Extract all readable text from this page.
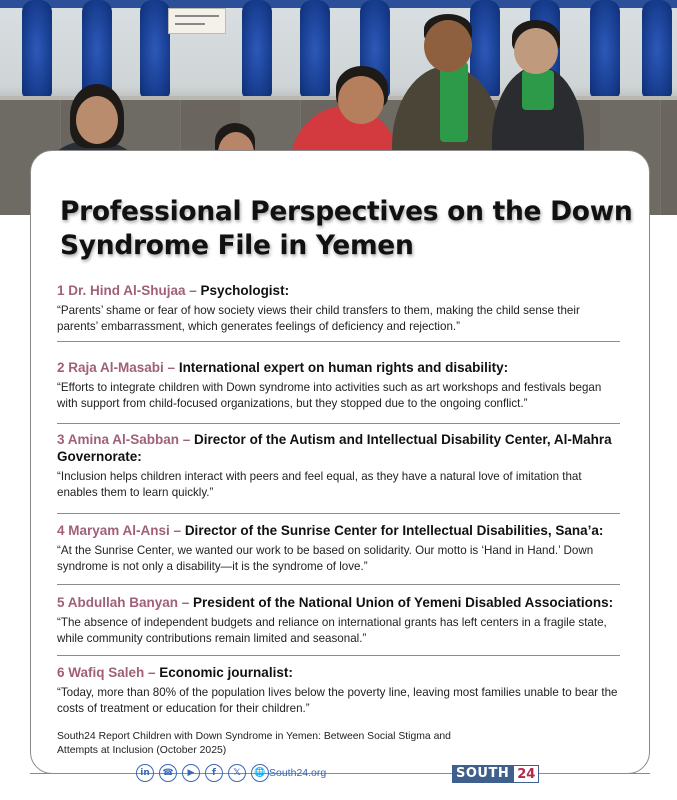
Professional Perspectives on the Down Syndrome File in Yemen
1 Dr. Hind Al-Shujaa – Psychologist:
“Parents’ shame or fear of how society views their child transfers to them, making the child sense their parents’ embarrassment, which generates feelings of deficiency and rejection.”
2 Raja Al-Masabi – International expert on human rights and disability:
“Efforts to integrate children with Down syndrome into activities such as art workshops and festivals began with support from child-focused organizations, but they stopped due to the ongoing conflict.”
3 Amina Al-Sabban – Director of the Autism and Intellectual Disability Center, Al-Mahra Governorate:
“Inclusion helps children interact with peers and feel equal, as they have a natural love of imitation that enables them to learn quickly.”
4 Maryam Al-Ansi – Director of the Sunrise Center for Intellectual Disabilities, Sana’a:
“At the Sunrise Center, we wanted our work to be based on solidarity. Our motto is ‘Hand in Hand.’ Down syndrome is not only a disability—it is the syndrome of love.”
5 Abdullah Banyan – President of the National Union of Yemeni Disabled Associations:
“The absence of independent budgets and reliance on international grants has left centers in a fragile state, while community contributions remain limited and seasonal.”
6 Wafiq Saleh – Economic journalist:
“Today, more than 80% of the population lives below the poverty line, leaving most families unable to bear the costs of treatment or education for their children.”
South24 Report Children with Down Syndrome in Yemen: Between Social Stigma and Attempts at Inclusion (October 2025)
in	☎	▶	f	𝕏	🌐 South24.org	SOUTH 24
